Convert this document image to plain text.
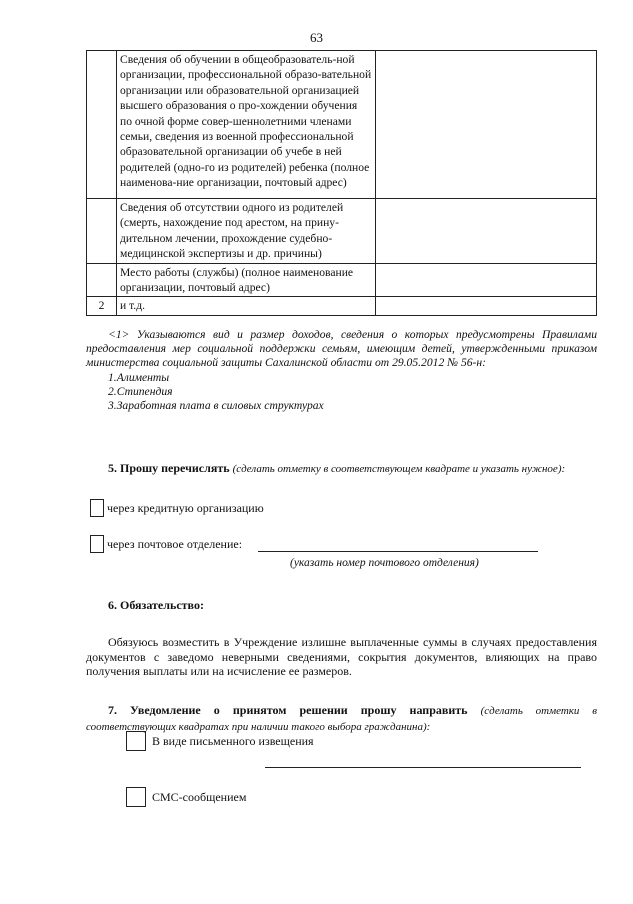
63
	Сведения об обучении в общеобразователь-ной организации, профессиональной образо-вательной организации или образовательной организацией высшего образования о про-хождении обучения по очной форме совер-шеннолетними членами семьи, сведения из военной профессиональной образовательной организации об учебе в ней родителей (одно-го из родителей) ребенка (полное наименова-ние организации, почтовый адрес)	
	Сведения об отсутствии одного из родителей (смерть, нахождение под арестом, на прину-дительном лечении, прохождение судебно-медицинской экспертизы и др. причины)	
	Место работы (службы) (полное наименование организации, почтовый адрес)	
2	и т.д.	

<1> Указываются вид и размер доходов, сведения о которых предусмотрены Правилами предоставления мер социальной поддержки семьям, имеющим детей, утвержденными приказом министерства социальной защиты Сахалинской области от 29.05.2012 № 56-н:

1.Алименты
2.Стипендия
3.Заработная плата в силовых структурах
5. Прошу перечислять (сделать отметку в соответствующем квадрате и указать нужное):
через кредитную организацию
через почтовое отделение:
(указать номер почтового отделения)
6. Обязательство:
Обязуюсь возместить в Учреждение излишне выплаченные суммы в случаях предоставления документов с заведомо неверными сведениями, сокрытия документов, влияющих на право получения выплаты или на исчисление ее размеров.
7. Уведомление о принятом решении прошу направить (сделать отметки в соответствующих квадратах при наличии такого выбора гражданина):
В виде письменного извещения
СМС-сообщением
